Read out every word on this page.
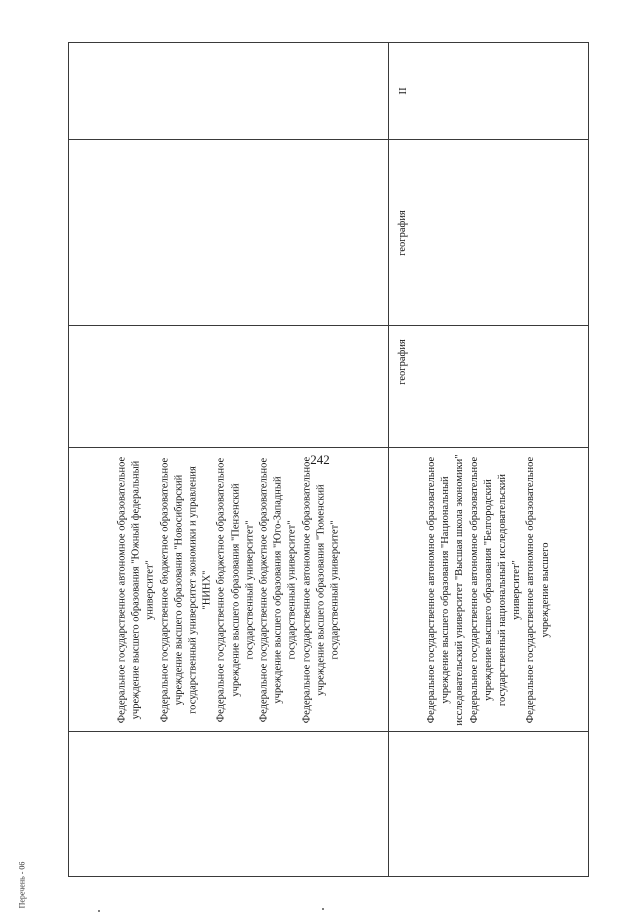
242

Федеральное государственное автономное образовательное учреждение высшего образования "Южный федеральный университет" Федеральное государственное бюджетное образовательное учреждение высшего образования "Новосибирский государственный университет экономики и управления "НИНХ" Федеральное государственное бюджетное образовательное учреждение высшего образования "Пензенский государственный университет" Федеральное государственное бюджетное образовательное учреждение высшего образования "Юго-Западный государственный университет" Федеральное государственное автономное образовательное учреждение высшего образования "Тюменский государственный университет"	Федеральное государственное автономное образовательное учреждение высшего образования "Национальный исследовательский университет "Высшая школа экономики" Федеральное государственное автономное образовательное учреждение высшего образования "Белгородский государственный национальный исследовательский университет" Федеральное государственное автономное образовательное учреждение высшего

география
география
II
Перечень - 06
